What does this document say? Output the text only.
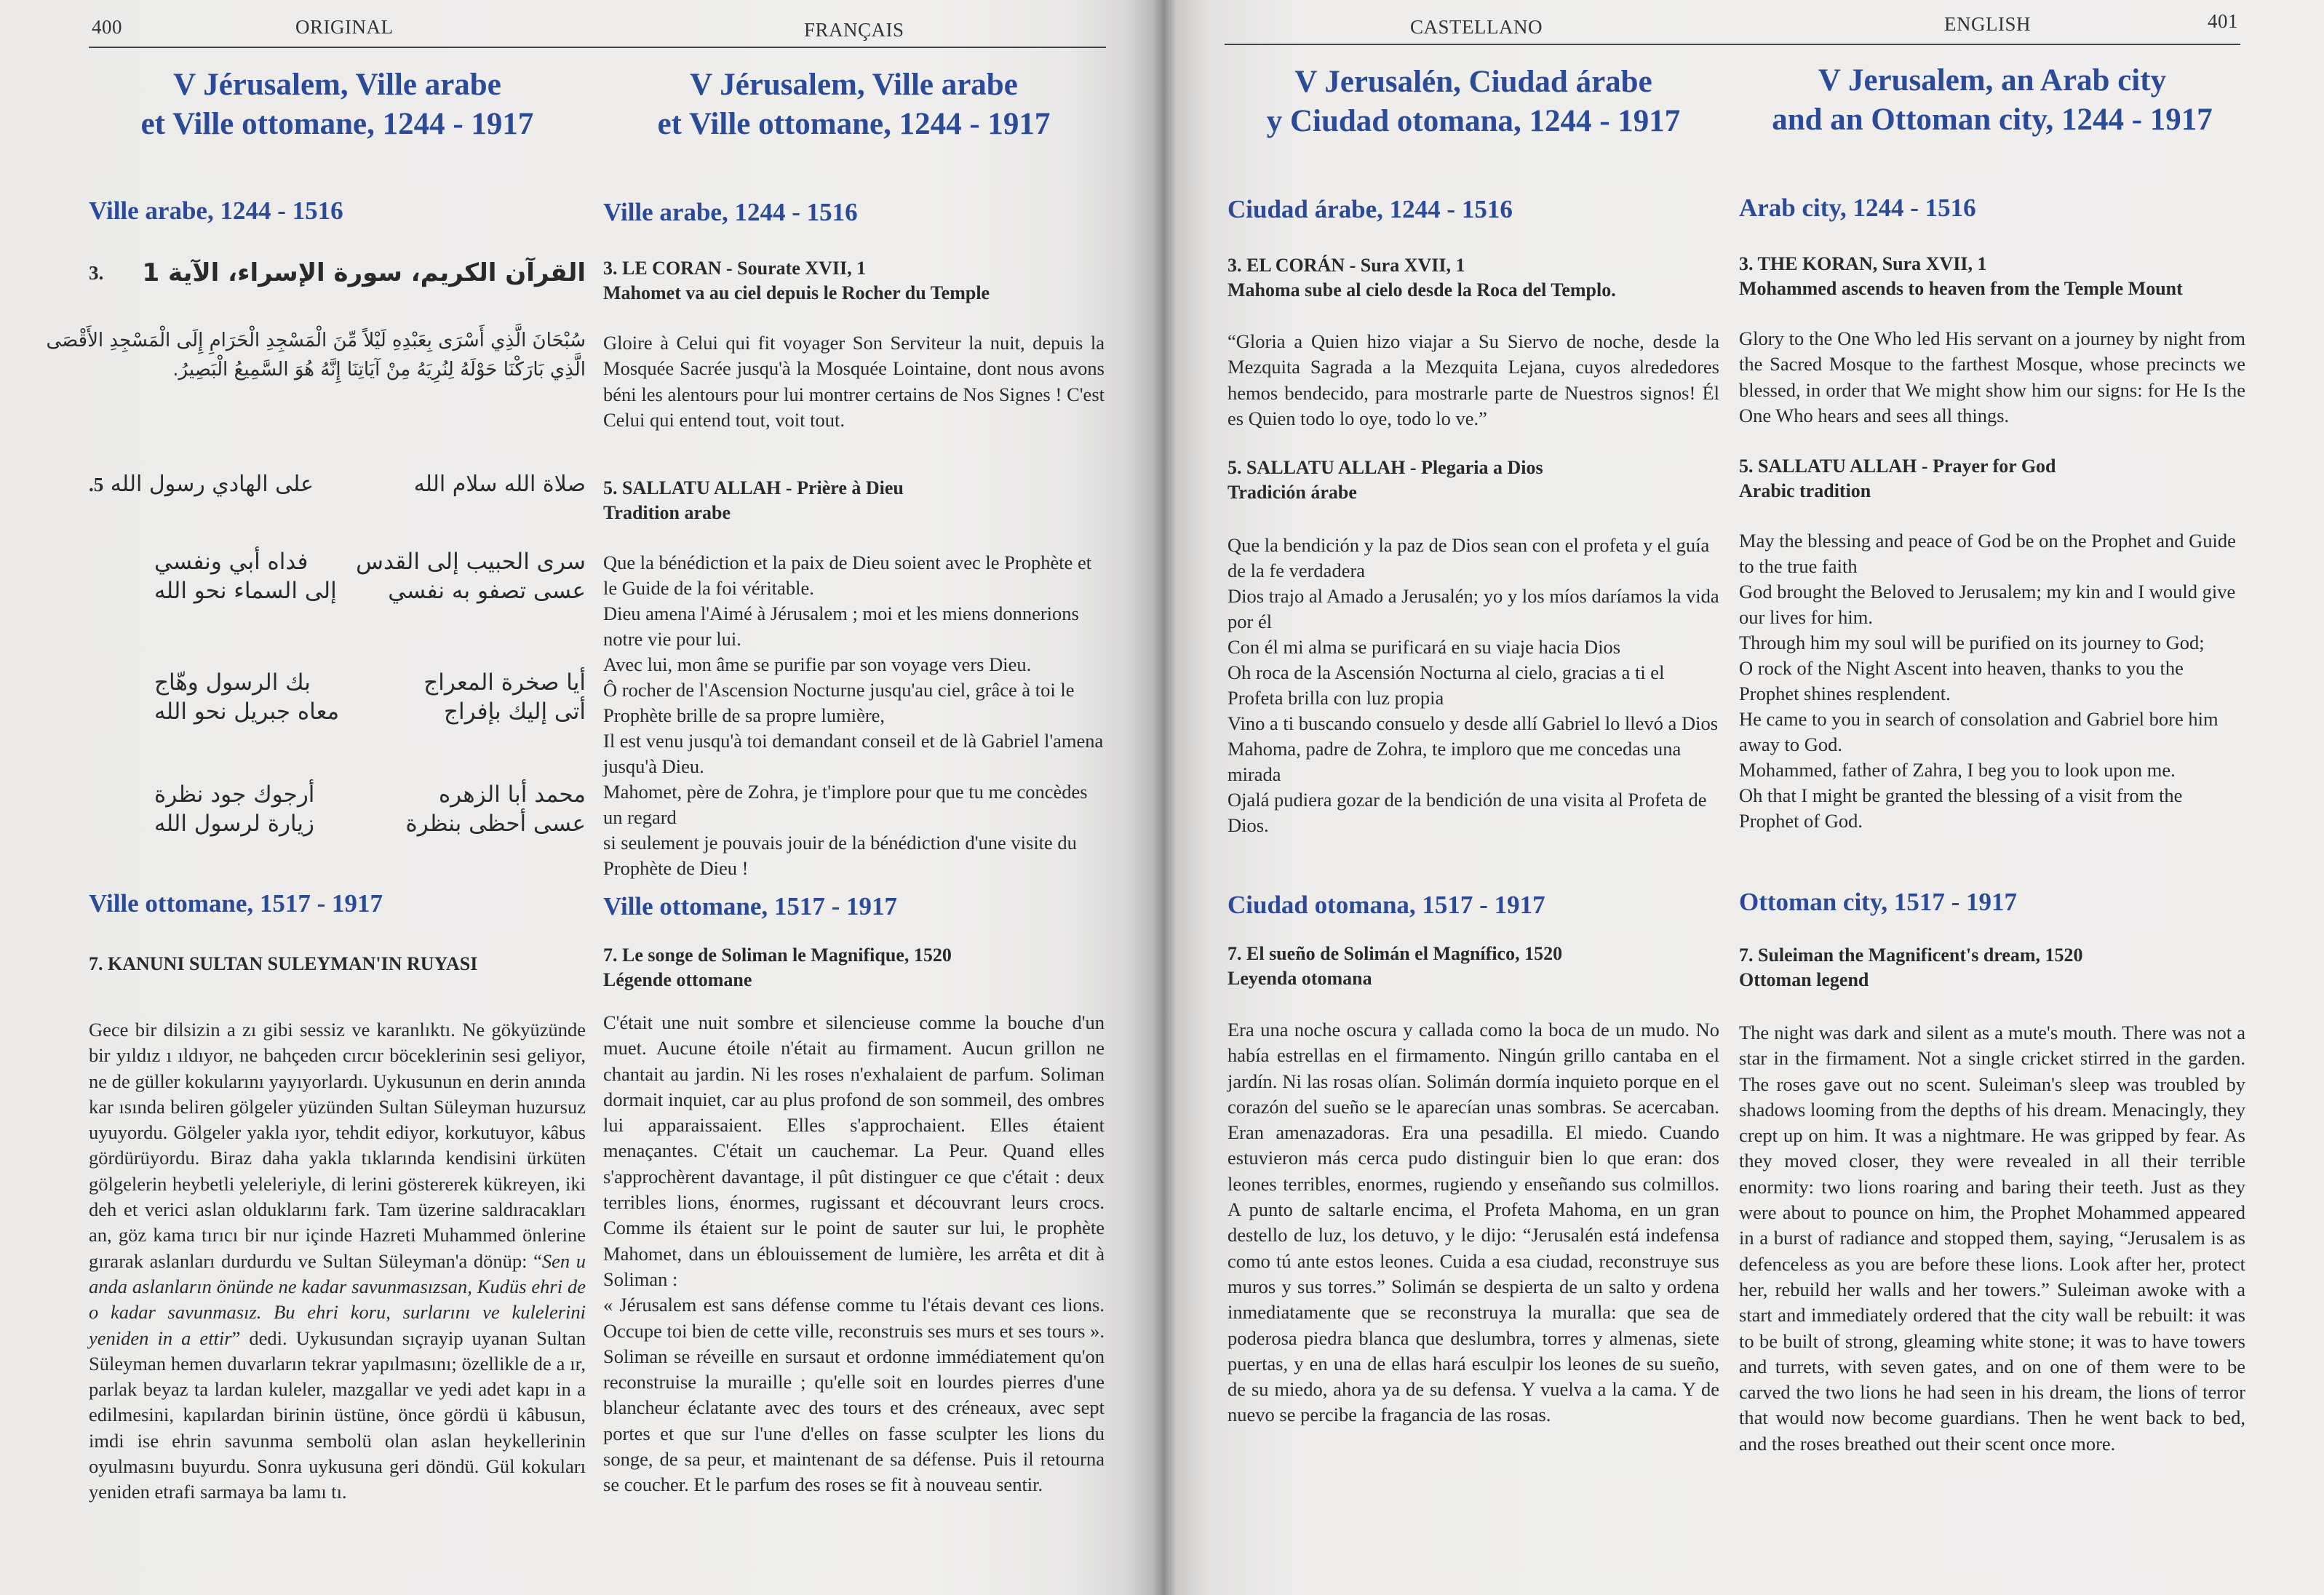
400	ORIGINAL	FRANÇAIS	CASTELLANO	ENGLISH	401
V Jérusalem, Ville arabe
et Ville ottomane, 1244 - 1917
Ville arabe, 1244 - 1516
3. القرآن الكريم، سورة الإسراء، الآية 1
سُبْحَانَ الَّذِي أَسْرَى بِعَبْدِهِ لَيْلاً مِّنَ الْمَسْجِدِ الْحَرَامِ إِلَى الْمَسْجِدِ الأَقْصَى
الَّذِي بَارَكْنَا حَوْلَهُ لِنُرِيَهُ مِنْ آيَاتِنَا إِنَّهُ هُوَ السَّمِيعُ الْبَصِيرُ.
صلاة الله سلام الله
على الهادي رسول الله 5.
سرى الحبيب إلى القدس
فداه أبي ونفسي
عسى تصفو به نفسي
إلى السماء نحو الله
أيا صخرة المعراج
بك الرسول وهّاج
أتى إليك بإفراج
معاه جبريل نحو الله
محمد أبا الزهره
أرجوك جود نظرة
عسى أحظى بنظرة
زيارة لرسول الله
Ville ottomane, 1517 - 1917
7. KANUNI SULTAN SULEYMAN'IN RUYASI

Gece bir dilsizin a zı gibi sessiz ve karanlıktı. Ne gökyüzünde bir yıldız ı ıldıyor, ne bahçeden cırcır böceklerinin sesi geliyor, ne de güller kokularını yayıyorlardı. Uykusunun en derin anında kar ısında beliren gölgeler yüzünden Sultan Süleyman huzursuz uyuyordu. Gölgeler yakla ıyor, tehdit ediyor, korkutuyor, kâbus gördürüyordu. Biraz daha yakla tıklarında kendisini ürküten gölgelerin heybetli yeleleriyle, di lerini göstererek kükreyen, iki deh et verici aslan olduklarını fark. Tam üzerine saldıracakları an, göz kama tırıcı bir nur içinde Hazreti Muhammed önlerine gırarak aslanları durdurdu ve Sultan Süleyman'a dönüp: “Sen u anda aslanların önünde ne kadar savunmasızsan, Kudüs ehri de o kadar savunmasız. Bu ehri koru, surlarını ve kulelerini yeniden in a ettir” dedi. Uykusundan sıçrayip uyanan Sultan Süleyman hemen duvarların tekrar yapılmasını; özellikle de a ır, parlak beyaz ta lardan kuleler, mazgallar ve yedi adet kapı in a edilmesini, kapılardan birinin üstüne, önce gördü ü kâbusun, imdi ise ehrin savunma sembolü olan aslan heykellerinin oyulmasını buyurdu. Sonra uykusuna geri döndü. Gül kokuları yeniden etrafi sarmaya ba lamı tı.

V Jérusalem, Ville arabe
et Ville ottomane, 1244 - 1917
Ville arabe, 1244 - 1516
3. LE CORAN - Sourate XVII, 1
Mahomet va au ciel depuis le Rocher du Temple
Gloire à Celui qui fit voyager Son Serviteur la nuit, depuis la Mosquée Sacrée jusqu'à la Mosquée Lointaine, dont nous avons béni les alentours pour lui montrer certains de Nos Signes ! C'est Celui qui entend tout, voit tout.
5. SALLATU ALLAH - Prière à Dieu
Tradition arabe
Que la bénédiction et la paix de Dieu soient avec le Prophète et le Guide de la foi véritable.
Dieu amena l'Aimé à Jérusalem ; moi et les miens donnerions notre vie pour lui.
Avec lui, mon âme se purifie par son voyage vers Dieu.
Ô rocher de l'Ascension Nocturne jusqu'au ciel, grâce à toi le Prophète brille de sa propre lumière,
Il est venu jusqu'à toi demandant conseil et de là Gabriel l'amena jusqu'à Dieu.
Mahomet, père de Zohra, je t'implore pour que tu me concèdes un regard
si seulement je pouvais jouir de la bénédiction d'une visite du Prophète de Dieu !
Ville ottomane, 1517 - 1917
7. Le songe de Soliman le Magnifique, 1520
Légende ottomane

C'était une nuit sombre et silencieuse comme la bouche d'un muet. Aucune étoile n'était au firmament. Aucun grillon ne chantait au jardin. Ni les roses n'exhalaient de parfum. Soliman dormait inquiet, car au plus profond de son sommeil, des ombres lui apparaissaient. Elles s'approchaient. Elles étaient menaçantes. C'était un cauchemar. La Peur. Quand elles s'approchèrent davantage, il pût distinguer ce que c'était : deux terribles lions, énormes, rugissant et découvrant leurs crocs. Comme ils étaient sur le point de sauter sur lui, le prophète Mahomet, dans un éblouissement de lumière, les arrêta et dit à Soliman :

« Jérusalem est sans défense comme tu l'étais devant ces lions. Occupe toi bien de cette ville, reconstruis ses murs et ses tours ». Soliman se réveille en sursaut et ordonne immédiatement qu'on reconstruise la muraille ; qu'elle soit en lourdes pierres d'une blancheur éclatante avec des tours et des créneaux, avec sept portes et que sur l'une d'elles on fasse sculpter les lions du songe, de sa peur, et maintenant de sa défense. Puis il retourna se coucher. Et le parfum des roses se fit à nouveau sentir.

V Jerusalén, Ciudad árabe
y Ciudad otomana, 1244 - 1917
Ciudad árabe, 1244 - 1516
3. EL CORÁN - Sura XVII, 1
Mahoma sube al cielo desde la Roca del Templo.
“Gloria a Quien hizo viajar a Su Siervo de noche, desde la Mezquita Sagrada a la Mezquita Lejana, cuyos alrededores hemos bendecido, para mostrarle parte de Nuestros signos! Él es Quien todo lo oye, todo lo ve.”
5. SALLATU ALLAH - Plegaria a Dios
Tradición árabe
Que la bendición y la paz de Dios sean con el profeta y el guía de la fe verdadera
Dios trajo al Amado a Jerusalén; yo y los míos daríamos la vida por él
Con él mi alma se purificará en su viaje hacia Dios
Oh roca de la Ascensión Nocturna al cielo, gracias a ti el Profeta brilla con luz propia
Vino a ti buscando consuelo y desde allí Gabriel lo llevó a Dios
Mahoma, padre de Zohra, te imploro que me concedas una mirada
Ojalá pudiera gozar de la bendición de una visita al Profeta de Dios.
Ciudad otomana, 1517 - 1917
7. El sueño de Solimán el Magnífico, 1520
Leyenda otomana
Era una noche oscura y callada como la boca de un mudo. No había estrellas en el firmamento. Ningún grillo cantaba en el jardín. Ni las rosas olían. Solimán dormía inquieto porque en el corazón del sueño se le aparecían unas sombras. Se acercaban. Eran amenazadoras. Era una pesadilla. El miedo. Cuando estuvieron más cerca pudo distinguir bien lo que eran: dos leones terribles, enormes, rugiendo y enseñando sus colmillos. A punto de saltarle encima, el Profeta Mahoma, en un gran destello de luz, los detuvo, y le dijo: “Jerusalén está indefensa como tú ante estos leones. Cuida a esa ciudad, reconstruye sus muros y sus torres.” Solimán se despierta de un salto y ordena inmediatamente que se reconstruya la muralla: que sea de poderosa piedra blanca que deslumbra, torres y almenas, siete puertas, y en una de ellas hará esculpir los leones de su sueño, de su miedo, ahora ya de su defensa. Y vuelva a la cama. Y de nuevo se percibe la fragancia de las rosas.
V Jerusalem, an Arab city
and an Ottoman city, 1244 - 1917
Arab city, 1244 - 1516
3. THE KORAN, Sura XVII, 1
Mohammed ascends to heaven from the Temple Mount
Glory to the One Who led His servant on a journey by night from the Sacred Mosque to the farthest Mosque, whose precincts we blessed, in order that We might show him our signs: for He Is the One Who hears and sees all things.
5. SALLATU ALLAH - Prayer for God
Arabic tradition
May the blessing and peace of God be on the Prophet and Guide to the true faith
God brought the Beloved to Jerusalem; my kin and I would give our lives for him.
Through him my soul will be purified on its journey to God;
O rock of the Night Ascent into heaven, thanks to you the Prophet shines resplendent.
He came to you in search of consolation and Gabriel bore him away to God.
Mohammed, father of Zahra, I beg you to look upon me.
Oh that I might be granted the blessing of a visit from the Prophet of God.
Ottoman city, 1517 - 1917
7. Suleiman the Magnificent's dream, 1520
Ottoman legend
The night was dark and silent as a mute's mouth. There was not a star in the firmament. Not a single cricket stirred in the garden. The roses gave out no scent. Suleiman's sleep was troubled by shadows looming from the depths of his dream. Menacingly, they crept up on him. It was a nightmare. He was gripped by fear. As they moved closer, they were revealed in all their terrible enormity: two lions roaring and baring their teeth. Just as they were about to pounce on him, the Prophet Mohammed appeared in a burst of radiance and stopped them, saying, “Jerusalem is as defenceless as you are before these lions. Look after her, protect her, rebuild her walls and her towers.” Suleiman awoke with a start and immediately ordered that the city wall be rebuilt: it was to be built of strong, gleaming white stone; it was to have towers and turrets, with seven gates, and on one of them were to be carved the two lions he had seen in his dream, the lions of terror that would now become guardians. Then he went back to bed, and the roses breathed out their scent once more.
